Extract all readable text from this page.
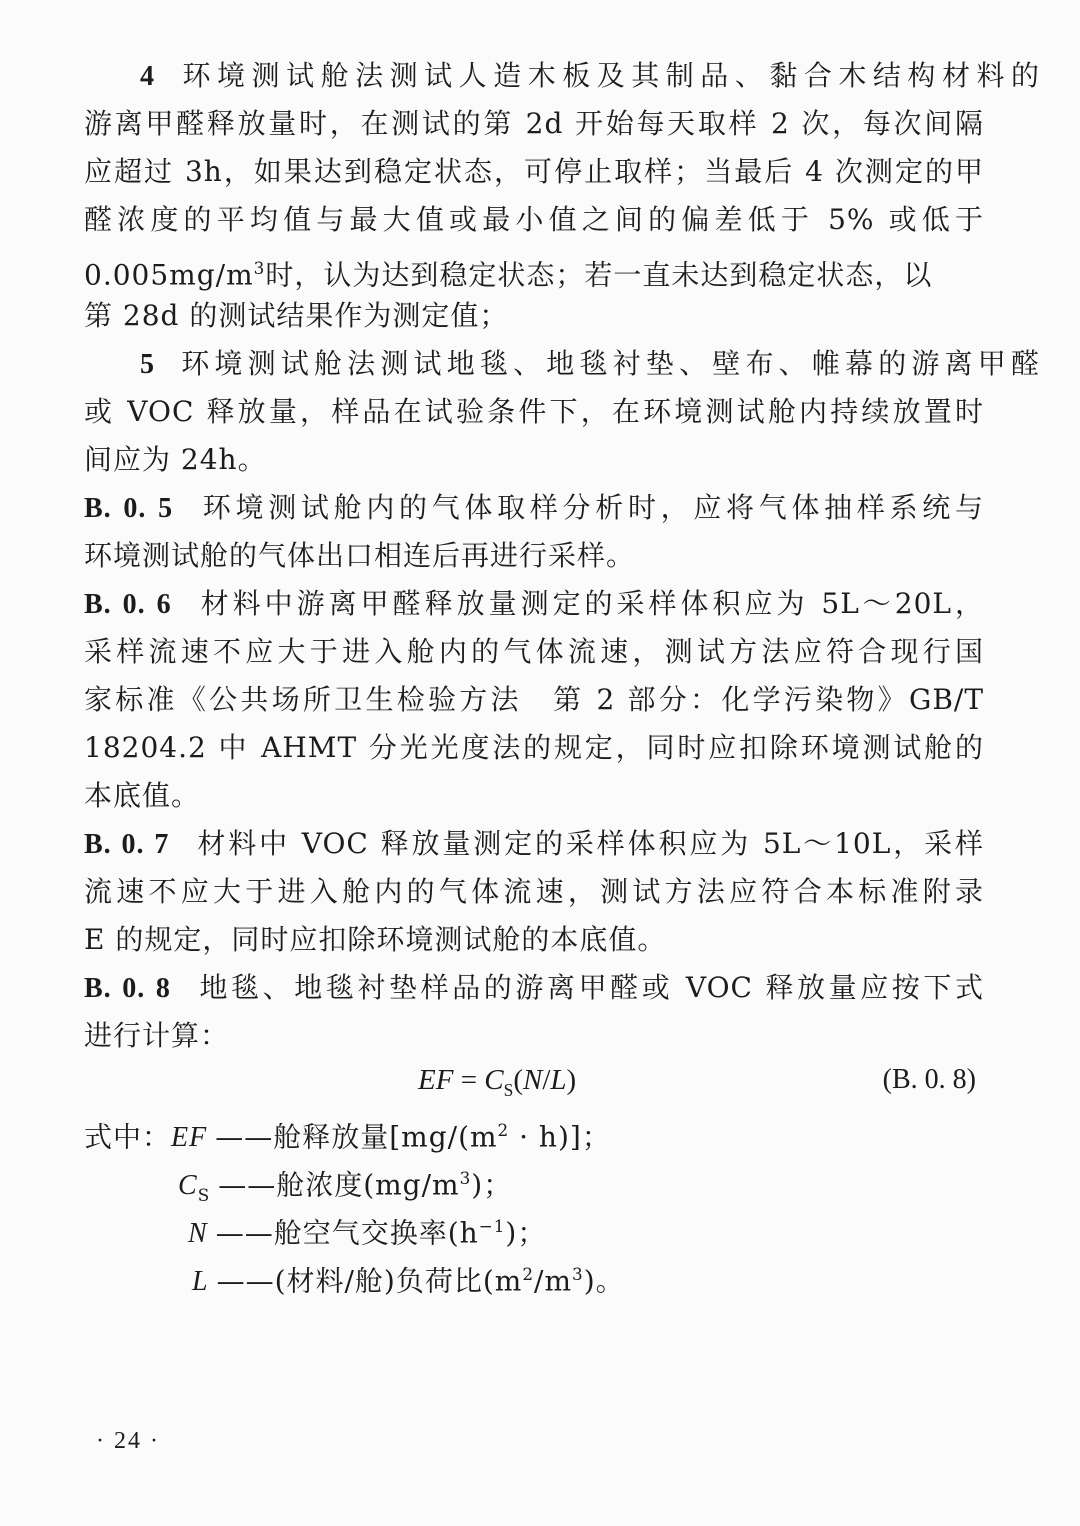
4 环境测试舱法测试人造木板及其制品、黏合木结构材料的
游离甲醛释放量时，在测试的第 2d 开始每天取样 2 次，每次间隔
应超过 3h，如果达到稳定状态，可停止取样；当最后 4 次测定的甲
醛浓度的平均值与最大值或最小值之间的偏差低于 5% 或低于
$0.005mg/m^3$时，认为达到稳定状态；若一直未达到稳定状态，以
第 28d 的测试结果作为测定值；
5 环境测试舱法测试地毯、地毯衬垫、壁布、帷幕的游离甲醛
或 VOC 释放量，样品在试验条件下，在环境测试舱内持续放置时
间应为 24h。
B. 0. 5 环境测试舱内的气体取样分析时，应将气体抽样系统与
环境测试舱的气体出口相连后再进行采样。
B. 0. 6 材料中游离甲醛释放量测定的采样体积应为 5L～20L，
采样流速不应大于进入舱内的气体流速，测试方法应符合现行国
家标准《公共场所卫生检验方法　第 2 部分：化学污染物》GB/T
18204.2 中 AHMT 分光光度法的规定，同时应扣除环境测试舱的
本底值。
B. 0. 7 材料中 VOC 释放量测定的采样体积应为 5L～10L，采样
流速不应大于进入舱内的气体流速，测试方法应符合本标准附录
E 的规定，同时应扣除环境测试舱的本底值。
B. 0. 8 地毯、地毯衬垫样品的游离甲醛或 VOC 释放量应按下式
进行计算：
EF = $C_S(N/L)$	(B. 0. 8)
式中：EF ——舱释放量$[mg/(m^2 \cdot h)]$；
$C_S$ ——舱浓度$(mg/m^3)$；
N ——舱空气交换率$(h^{-1})$；
L ——(材料/舱)负荷比$(m^2/m^3)$。
· 24 ·
